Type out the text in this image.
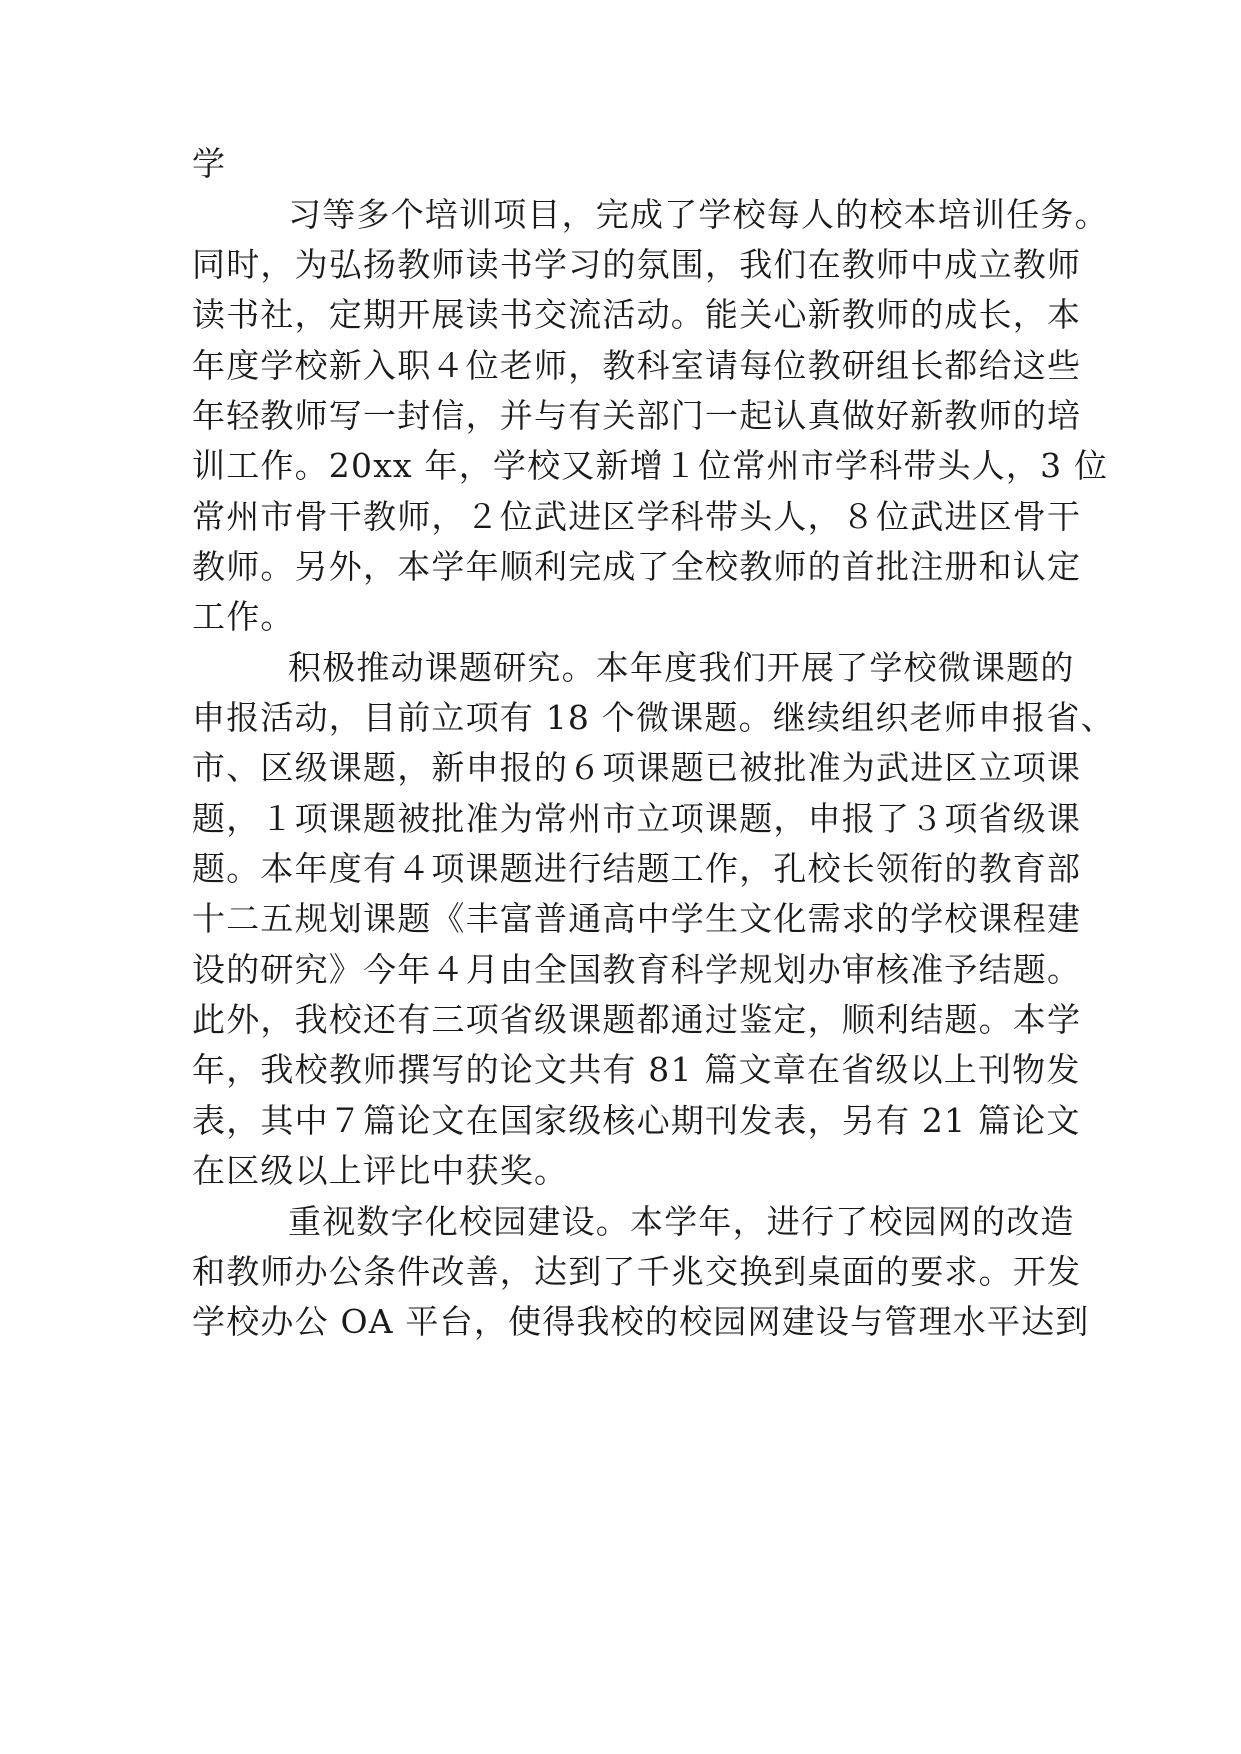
学
习等多个培训项目，完成了学校每人的校本培训任务。
同时，为弘扬教师读书学习的氛围，我们在教师中成立教师
读书社，定期开展读书交流活动。能关心新教师的成长，本
年度学校新入职４位老师，教科室请每位教研组长都给这些
年轻教师写一封信，并与有关部门一起认真做好新教师的培
训工作。20xx 年，学校又新增１位常州市学科带头人，3 位
常州市骨干教师，２位武进区学科带头人，８位武进区骨干
教师。另外，本学年顺利完成了全校教师的首批注册和认定
工作。
积极推动课题研究。本年度我们开展了学校微课题的
申报活动，目前立项有 18 个微课题。继续组织老师申报省、
市、区级课题，新申报的６项课题已被批准为武进区立项课
题，１项课题被批准为常州市立项课题，申报了３项省级课
题。本年度有４项课题进行结题工作，孔校长领衔的教育部
十二五规划课题《丰富普通高中学生文化需求的学校课程建
设的研究》今年４月由全国教育科学规划办审核准予结题。
此外，我校还有三项省级课题都通过鉴定，顺利结题。本学
年，我校教师撰写的论文共有 81 篇文章在省级以上刊物发
表，其中７篇论文在国家级核心期刊发表，另有 21 篇论文
在区级以上评比中获奖。
重视数字化校园建设。本学年，进行了校园网的改造
和教师办公条件改善，达到了千兆交换到桌面的要求。开发
学校办公 OA 平台，使得我校的校园网建设与管理水平达到
